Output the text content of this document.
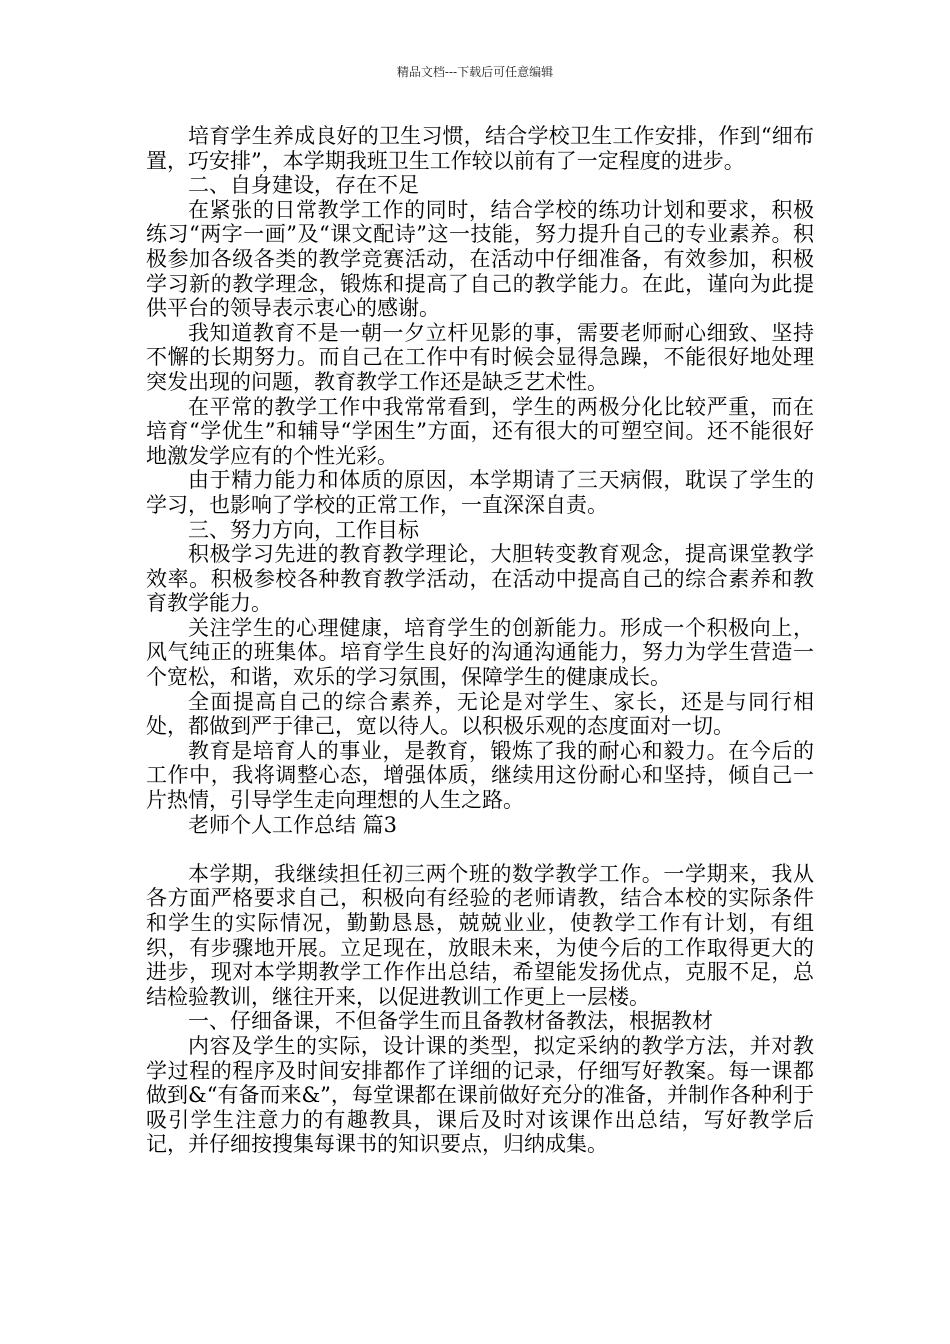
精品文档---下载后可任意编辑

培育学生养成良好的卫生习惯，结合学校卫生工作安排，作到“细布置，巧安排”，本学期我班卫生工作较以前有了一定程度的进步。

二、自身建设，存在不足

在紧张的日常教学工作的同时，结合学校的练功计划和要求，积极练习“两字一画”及“课文配诗”这一技能，努力提升自己的专业素养。积极参加各级各类的教学竞赛活动，在活动中仔细准备，有效参加，积极学习新的教学理念，锻炼和提高了自己的教学能力。在此，谨向为此提供平台的领导表示衷心的感谢。

我知道教育不是一朝一夕立杆见影的事，需要老师耐心细致、坚持不懈的长期努力。而自己在工作中有时候会显得急躁，不能很好地处理突发出现的问题，教育教学工作还是缺乏艺术性。

在平常的教学工作中我常常看到，学生的两极分化比较严重，而在培育“学优生”和辅导“学困生”方面，还有很大的可塑空间。还不能很好地激发学应有的个性光彩。

由于精力能力和体质的原因，本学期请了三天病假，耽误了学生的学习，也影响了学校的正常工作，一直深深自责。

三、努力方向，工作目标

积极学习先进的教育教学理论，大胆转变教育观念，提高课堂教学效率。积极参校各种教育教学活动，在活动中提高自己的综合素养和教育教学能力。

关注学生的心理健康，培育学生的创新能力。形成一个积极向上，风气纯正的班集体。培育学生良好的沟通沟通能力，努力为学生营造一个宽松，和谐，欢乐的学习氛围，保障学生的健康成长。

全面提高自己的综合素养，无论是对学生、家长，还是与同行相处，都做到严于律己，宽以待人。以积极乐观的态度面对一切。

教育是培育人的事业，是教育，锻炼了我的耐心和毅力。在今后的工作中，我将调整心态，增强体质，继续用这份耐心和坚持，倾自己一片热情，引导学生走向理想的人生之路。

老师个人工作总结 篇3

本学期，我继续担任初三两个班的数学教学工作。一学期来，我从各方面严格要求自己，积极向有经验的老师请教，结合本校的实际条件和学生的实际情况，勤勤恳恳，兢兢业业，使教学工作有计划，有组织，有步骤地开展。立足现在，放眼未来，为使今后的工作取得更大的进步，现对本学期教学工作作出总结，希望能发扬优点，克服不足，总结检验教训，继往开来，以促进教训工作更上一层楼。

一、仔细备课，不但备学生而且备教材备教法，根据教材

内容及学生的实际，设计课的类型，拟定采纳的教学方法，并对教学过程的程序及时间安排都作了详细的记录，仔细写好教案。每一课都做到&“有备而来&”，每堂课都在课前做好充分的准备，并制作各种利于吸引学生注意力的有趣教具，课后及时对该课作出总结，写好教学后记，并仔细按搜集每课书的知识要点，归纳成集。
